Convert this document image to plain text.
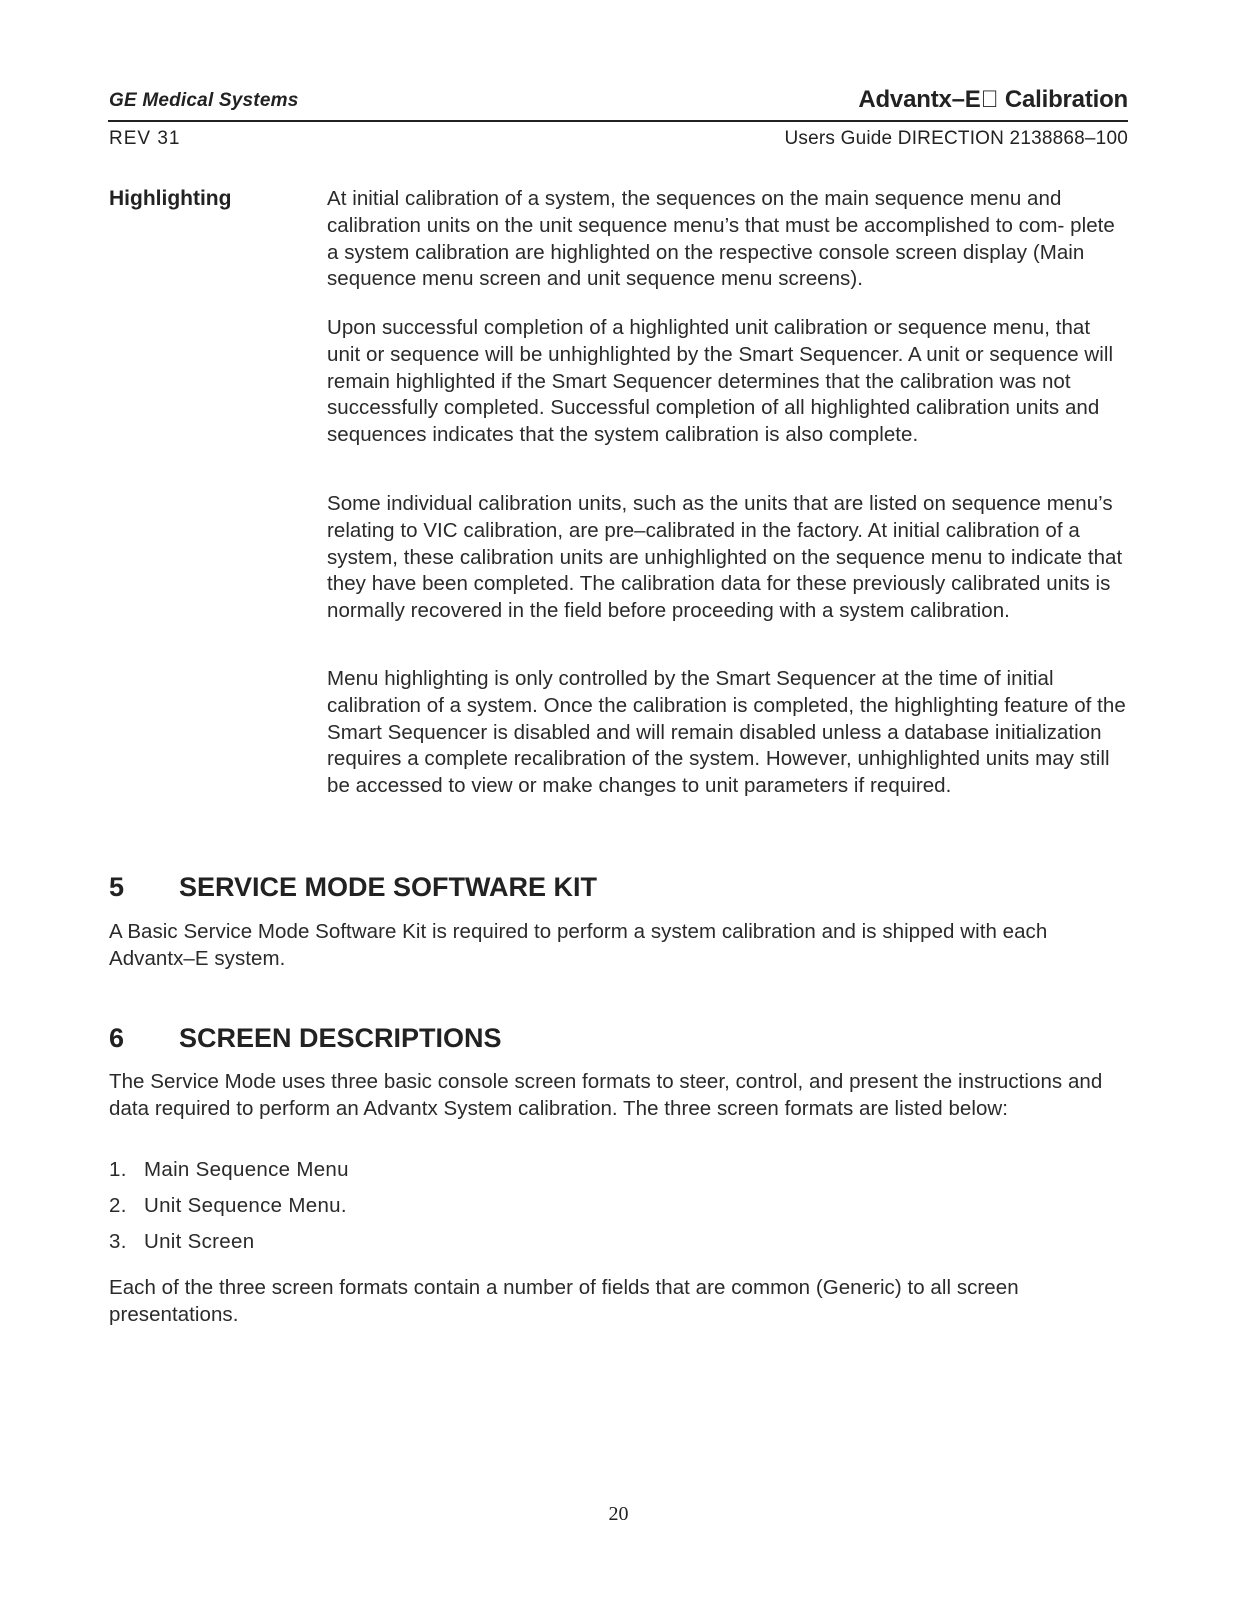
GE Medical Systems	Advantx–E  Calibration
REV 31	Users Guide DIRECTION 2138868–100
Highlighting	At initial calibration of a system, the sequences on the main sequence menu and calibration units on the unit sequence menu’s that must be accomplished to com- plete a system calibration are highlighted on the respective console screen display (Main sequence menu screen and unit sequence menu screens).

Upon successful completion of a highlighted unit calibration or sequence menu, that unit or sequence will be unhighlighted by the Smart Sequencer. A unit or sequence will remain highlighted if the Smart Sequencer determines that the calibration was not successfully completed. Successful completion of all highlighted calibration units and sequences indicates that the system calibration is also complete.

Some individual calibration units, such as the units that are listed on sequence menu’s relating to VIC calibration, are pre–calibrated in the factory. At initial calibration of a system, these calibration units are unhighlighted on the sequence menu to indicate that they have been completed. The calibration data for these previously calibrated units is normally recovered in the field before proceeding with a system calibration.

Menu highlighting is only controlled by the Smart Sequencer at the time of initial calibration of a system. Once the calibration is completed, the highlighting feature of the Smart Sequencer is disabled and will remain disabled unless a database initialization requires a complete recalibration of the system. However, unhighlighted units may still be accessed to view or make changes to unit parameters if required.

5 SERVICE MODE SOFTWARE KIT

A Basic Service Mode Software Kit is required to perform a system calibration and is shipped with each Advantx–E system.

6 SCREEN DESCRIPTIONS

The Service Mode uses three basic console screen formats to steer, control, and present the instructions and data required to perform an Advantx System calibration. The three screen formats are listed below:

1. Main Sequence Menu
2. Unit Sequence Menu.
3. Unit Screen

Each of the three screen formats contain a number of fields that are common (Generic) to all screen presentations.

20
